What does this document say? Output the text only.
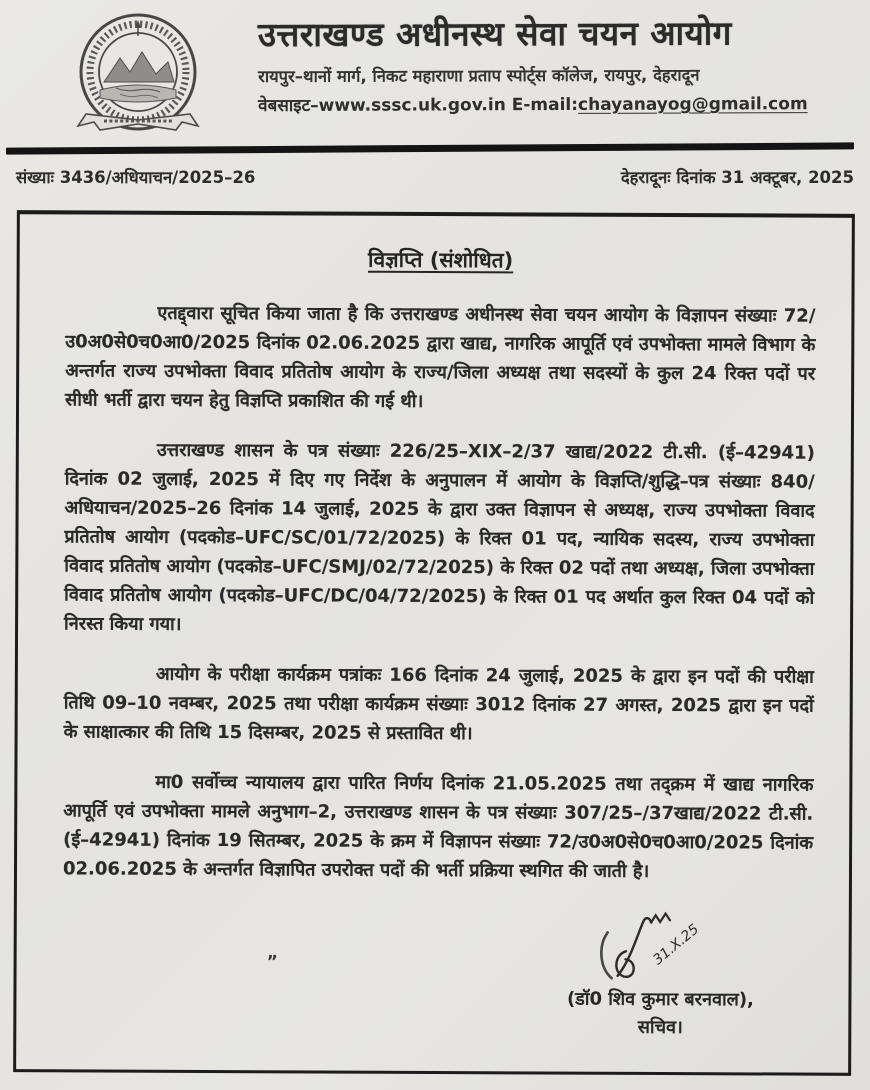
उत्तराखण्ड अधीनस्थ सेवा चयन आयोग
रायपुर–थानों मार्ग, निकट महाराणा प्रताप स्पोर्ट्स कॉलेज, रायपुर, देहरादून
वेबसाइट–www.sssc.uk.gov.in E-mail:chayanayog@gmail.com
संख्याः 3436/अधियाचन/2025–26	देहरादूनः दिनांक 31 अक्टूबर, 2025
विज्ञप्ति (संशोधित)

एतद्द्वारा सूचित किया जाता है कि उत्तराखण्ड अधीनस्थ सेवा चयन आयोग के विज्ञापन संख्याः 72/उ0अ0से0च0आ0/2025 दिनांक 02.06.2025 द्वारा खाद्य, नागरिक आपूर्ति एवं उपभोक्ता मामले विभाग के अन्तर्गत राज्य उपभोक्ता विवाद प्रतितोष आयोग के राज्य/जिला अध्यक्ष तथा सदस्यों के कुल 24 रिक्त पदों पर सीधी भर्ती द्वारा चयन हेतु विज्ञप्ति प्रकाशित की गई थी।

उत्तराखण्ड शासन के पत्र संख्याः 226/25–XIX–2/37 खाद्य/2022 टी.सी. (ई–42941) दिनांक 02 जुलाई, 2025 में दिए गए निर्देश के अनुपालन में आयोग के विज्ञप्ति/शुद्धि–पत्र संख्याः 840/अधियाचन/2025–26 दिनांक 14 जुलाई, 2025 के द्वारा उक्त विज्ञापन से अध्यक्ष, राज्य उपभोक्ता विवाद प्रतितोष आयोग (पदकोड–UFC/SC/01/72/2025) के रिक्त 01 पद, न्यायिक सदस्य, राज्य उपभोक्ता विवाद प्रतितोष आयोग (पदकोड–UFC/SMJ/02/72/2025) के रिक्त 02 पदों तथा अध्यक्ष, जिला उपभोक्ता विवाद प्रतितोष आयोग (पदकोड–UFC/DC/04/72/2025) के रिक्त 01 पद अर्थात कुल रिक्त 04 पदों को निरस्त किया गया।

आयोग के परीक्षा कार्यक्रम पत्रांकः 166 दिनांक 24 जुलाई, 2025 के द्वारा इन पदों की परीक्षा तिथि 09–10 नवम्बर, 2025 तथा परीक्षा कार्यक्रम संख्याः 3012 दिनांक 27 अगस्त, 2025 द्वारा इन पदों के साक्षात्कार की तिथि 15 दिसम्बर, 2025 से प्रस्तावित थी।

मा0 सर्वोच्च न्यायालय द्वारा पारित निर्णय दिनांक 21.05.2025 तथा तद्क्रम में खाद्य नागरिक आपूर्ति एवं उपभोक्ता मामले अनुभाग–2, उत्तराखण्ड शासन के पत्र संख्याः 307/25–/37खाद्य/2022 टी.सी.(ई–42941) दिनांक 19 सितम्बर, 2025 के क्रम में विज्ञापन संख्याः 72/उ0अ0से0च0आ0/2025 दिनांक 02.06.2025 के अन्तर्गत विज्ञापित उपरोक्त पदों की भर्ती प्रक्रिया स्थगित की जाती है।

”	31.X.25
(डॉ0 शिव कुमार बरनवाल),
सचिव।
